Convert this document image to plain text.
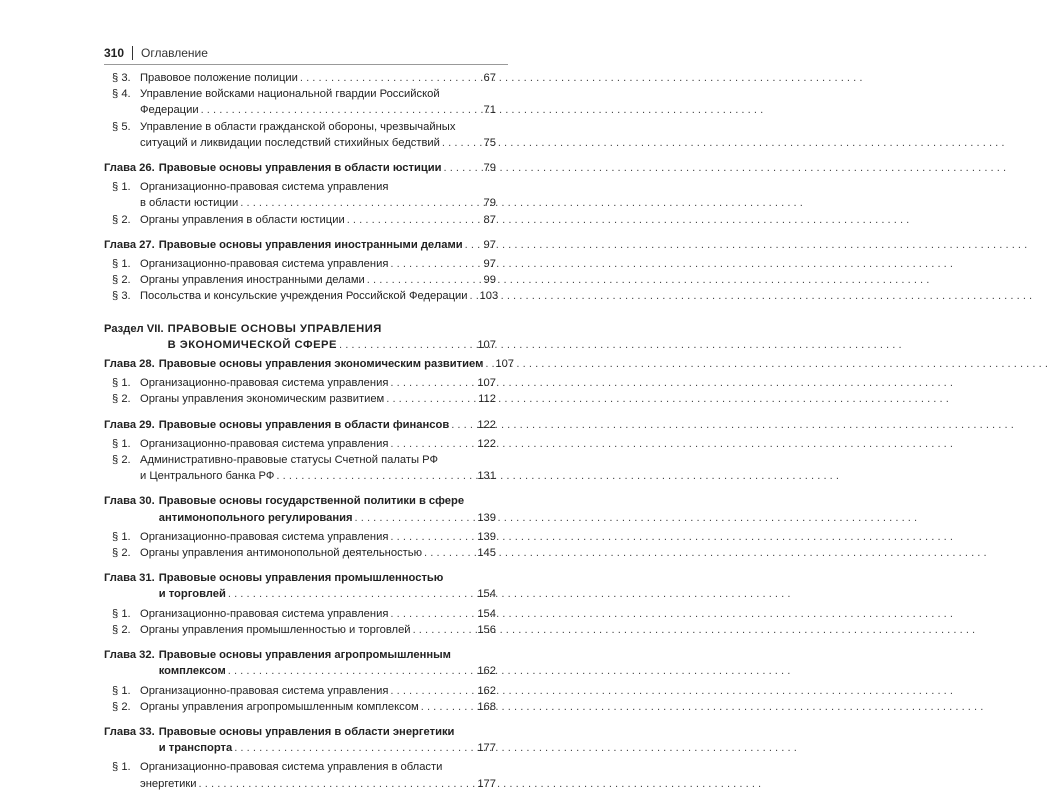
310 Оглавление
§ 3. Правовое положение полиции . . .	67
§ 4. Управление войсками национальной гвардии Российской
Федерации . . .	71
§ 5. Управление в области гражданской обороны, чрезвычайных
ситуаций и ликвидации последствий стихийных бедствий . . .	75
Глава 26. Правовые основы управления в области юстиции . . .	79
§ 1. Организационно-правовая система управления
в области юстиции . . .	79
§ 2. Органы управления в области юстиции . . .	87
Глава 27. Правовые основы управления иностранными делами . . . 97
§ 1. Организационно-правовая система управления . . .	97
§ 2. Органы управления иностранными делами . . .	99
§ 3. Посольства и консульские учреждения Российской Федерации . . . 103
Раздел VII. ПРАВОВЫЕ ОСНОВЫ УПРАВЛЕНИЯ
В ЭКОНОМИЧЕСКОЙ СФЕРЕ . . .	107
Глава 28. Правовые основы управления экономическим развитием . . . 107
§ 1. Организационно-правовая система управления . . .	107
§ 2. Органы управления экономическим развитием . . .	112
Глава 29. Правовые основы управления в области финансов . . .	122
§ 1. Организационно-правовая система управления . . .	122
§ 2. Административно-правовые статусы Счетной палаты РФ
и Центрального банка РФ . . .	131
Глава 30. Правовые основы государственной политики в сфере
антимонопольного регулирования . . .	139
§ 1. Организационно-правовая система управления . . .	139
§ 2. Органы управления антимонопольной деятельностью . . .	145
Глава 31. Правовые основы управления промышленностью
и торговлей . . .	154
§ 1. Организационно-правовая система управления . . .	154
§ 2. Органы управления промышленностью и торговлей . . .	156
Глава 32. Правовые основы управления агропромышленным
комплексом . . .	162
§ 1. Организационно-правовая система управления . . .	162
§ 2. Органы управления агропромышленным комплексом . . .	168
Глава 33. Правовые основы управления в области энергетики
и транспорта . . .	177
§ 1. Организационно-правовая система управления в области
энергетики . . .	177
